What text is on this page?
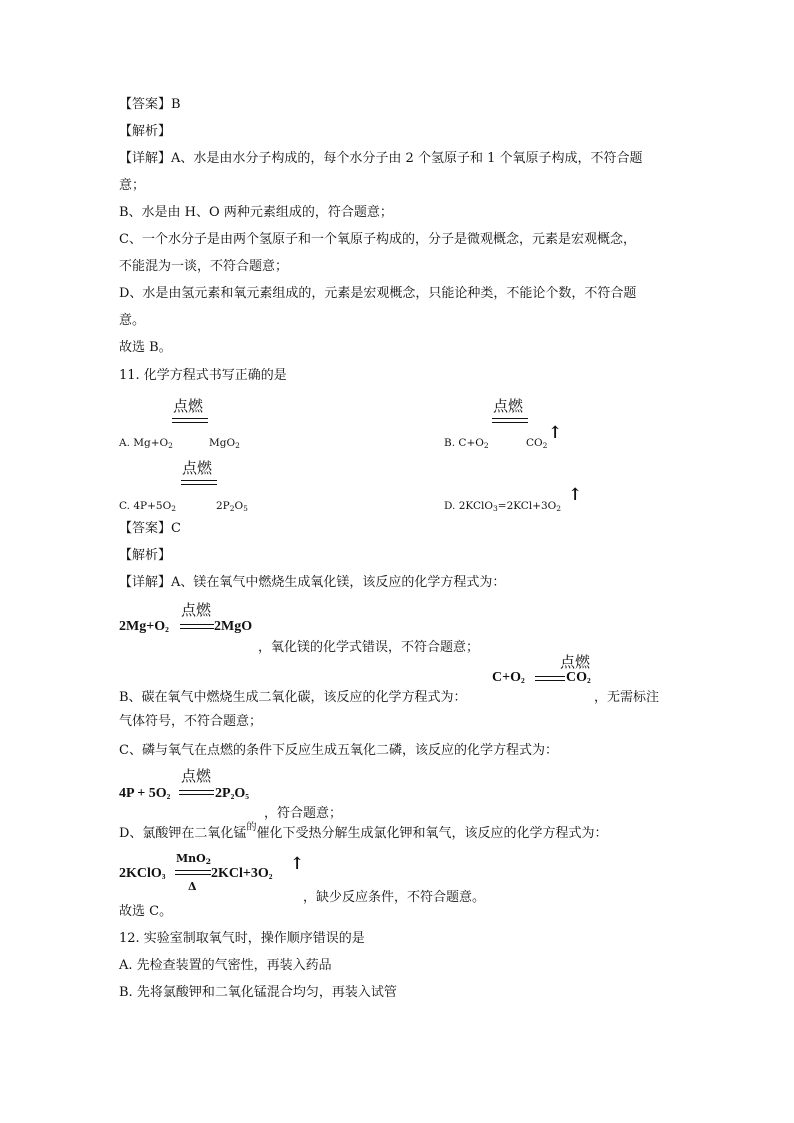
【答案】B
【解析】
【详解】A、水是由水分子构成的，每个水分子由 2 个氢原子和 1 个氧原子构成，不符合题
意；
B、水是由 H、O 两种元素组成的，符合题意；
C、一个水分子是由两个氢原子和一个氧原子构成的，分子是微观概念，元素是宏观概念，
不能混为一谈，不符合题意；
D、水是由氢元素和氧元素组成的，元素是宏观概念，只能论种类，不能论个数，不符合题
意。
故选 B。
11. 化学方程式书写正确的是
点燃
A. $Mg+O_2$	MgO$_2$
点燃
B. $C+O_2$	$CO_2$
↑
点燃
C. $4P+5O_2$	$2P_2O_5$	D. $2KClO_3=2KCl+3O_2$
↑
【答案】C
【解析】
【详解】A、镁在氧气中燃烧生成氧化镁，该反应的化学方程式为：
点燃
$2Mg+O_2$	2MgO
，氧化镁的化学式错误，不符合题意；
点燃
$C+O_2$	$CO_2$
B、碳在氧气中燃烧生成二氧化碳，该反应的化学方程式为：	，无需标注
气体符号，不符合题意；
C、磷与氧气在点燃的条件下反应生成五氧化二磷，该反应的化学方程式为：
点燃
$4P + 5O_2$	$2P_2O_5$
，符合题意；
D、氯酸钾在二氧化锰$^的$催化下受热分解生成氯化钾和氧气，该反应的化学方程式为：
MnO$_2$
Δ
2KClO$_3$	$2KCl+3O_2$
↑
，缺少反应条件，不符合题意。
故选 C。
12. 实验室制取氧气时，操作顺序错误的是
A. 先检查装置的气密性，再装入药品
B. 先将氯酸钾和二氧化锰混合均匀，再装入试管
